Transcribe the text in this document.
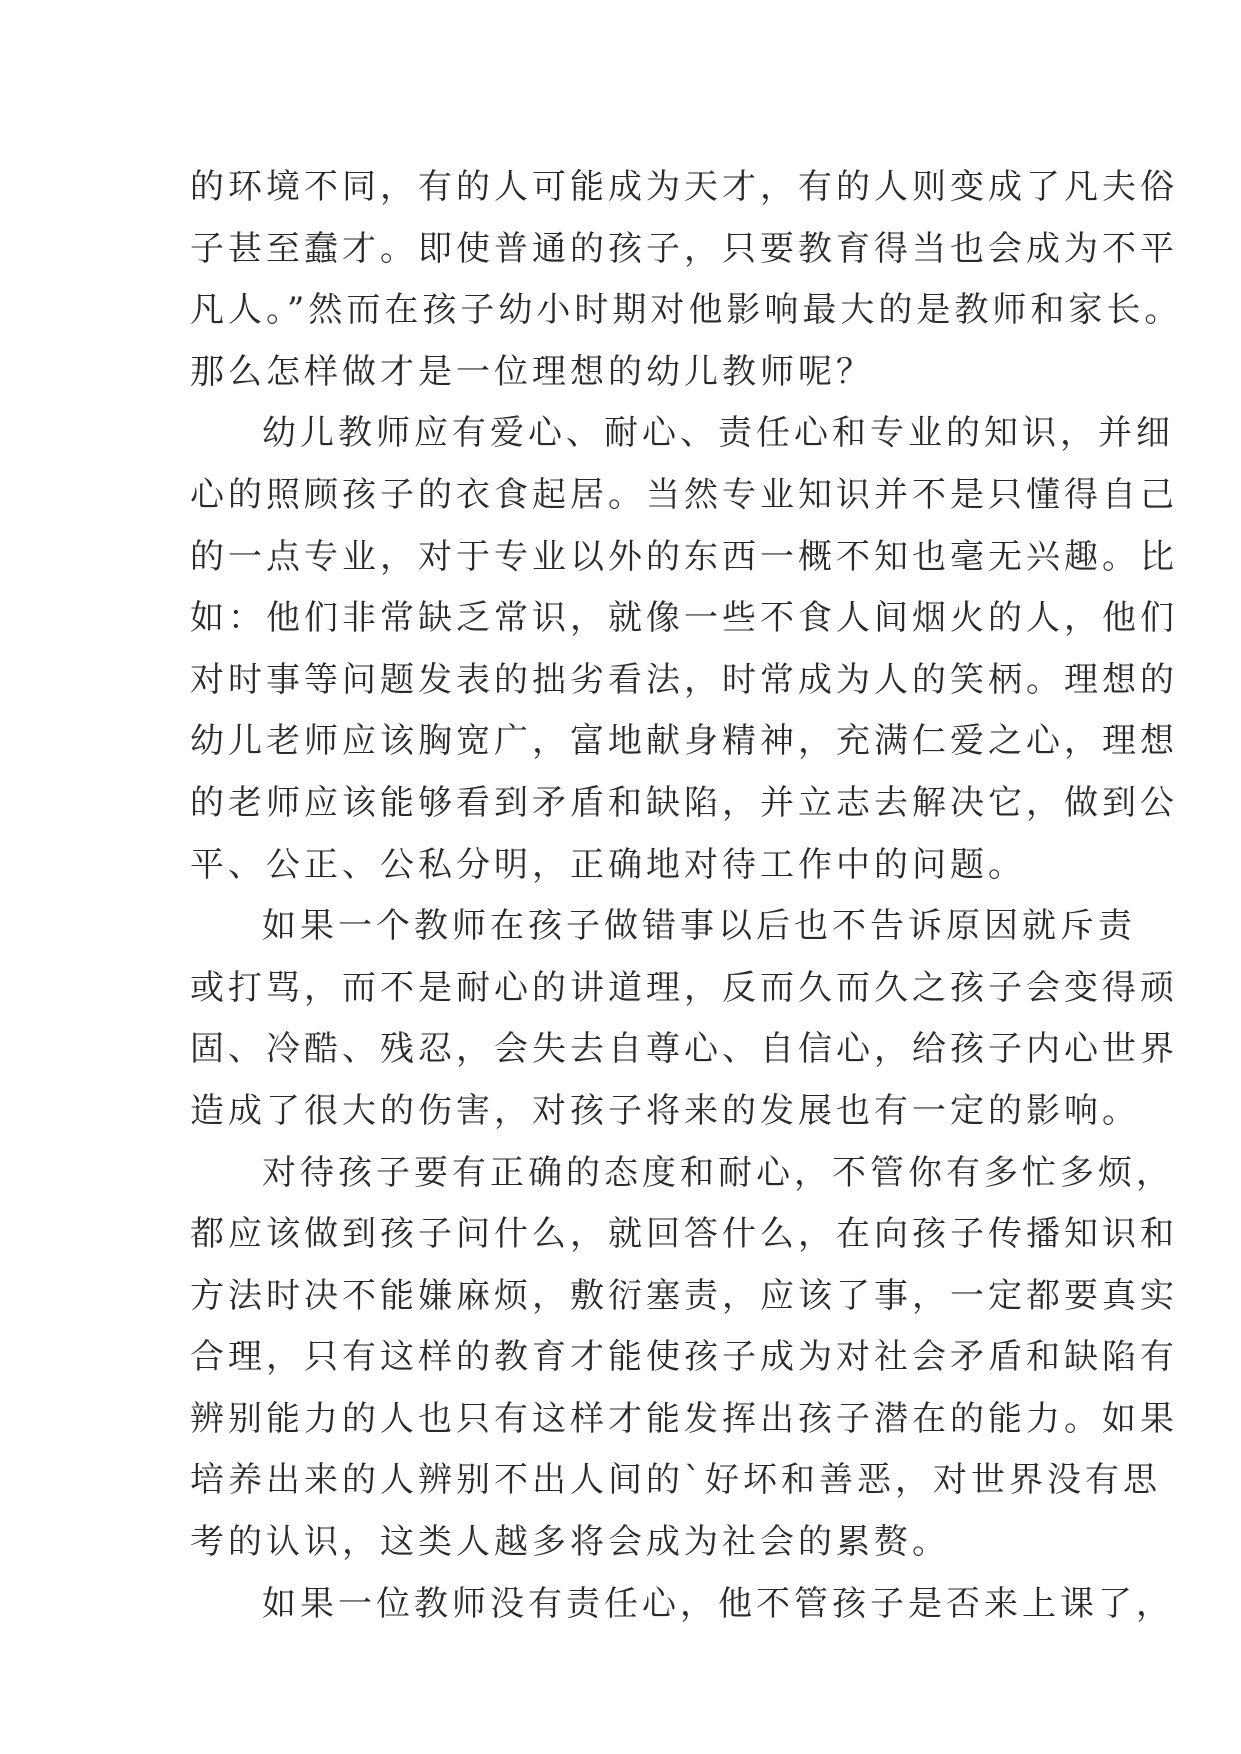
的环境不同，有的人可能成为天才，有的人则变成了凡夫俗
子甚至蠢才。即使普通的孩子，只要教育得当也会成为不平
凡人。”然而在孩子幼小时期对他影响最大的是教师和家长。
那么怎样做才是一位理想的幼儿教师呢？
幼儿教师应有爱心、耐心、责任心和专业的知识，并细
心的照顾孩子的衣食起居。当然专业知识并不是只懂得自己
的一点专业，对于专业以外的东西一概不知也毫无兴趣。比
如：他们非常缺乏常识，就像一些不食人间烟火的人，他们
对时事等问题发表的拙劣看法，时常成为人的笑柄。理想的
幼儿老师应该胸宽广，富地献身精神，充满仁爱之心，理想
的老师应该能够看到矛盾和缺陷，并立志去解决它，做到公
平、公正、公私分明，正确地对待工作中的问题。
如果一个教师在孩子做错事以后也不告诉原因就斥责
或打骂，而不是耐心的讲道理，反而久而久之孩子会变得顽
固、冷酷、残忍，会失去自尊心、自信心，给孩子内心世界
造成了很大的伤害，对孩子将来的发展也有一定的影响。
对待孩子要有正确的态度和耐心，不管你有多忙多烦，
都应该做到孩子问什么，就回答什么，在向孩子传播知识和
方法时决不能嫌麻烦，敷衍塞责，应该了事，一定都要真实
合理，只有这样的教育才能使孩子成为对社会矛盾和缺陷有
辨别能力的人也只有这样才能发挥出孩子潜在的能力。如果
培养出来的人辨别不出人间的`好坏和善恶，对世界没有思
考的认识，这类人越多将会成为社会的累赘。
如果一位教师没有责任心，他不管孩子是否来上课了，
